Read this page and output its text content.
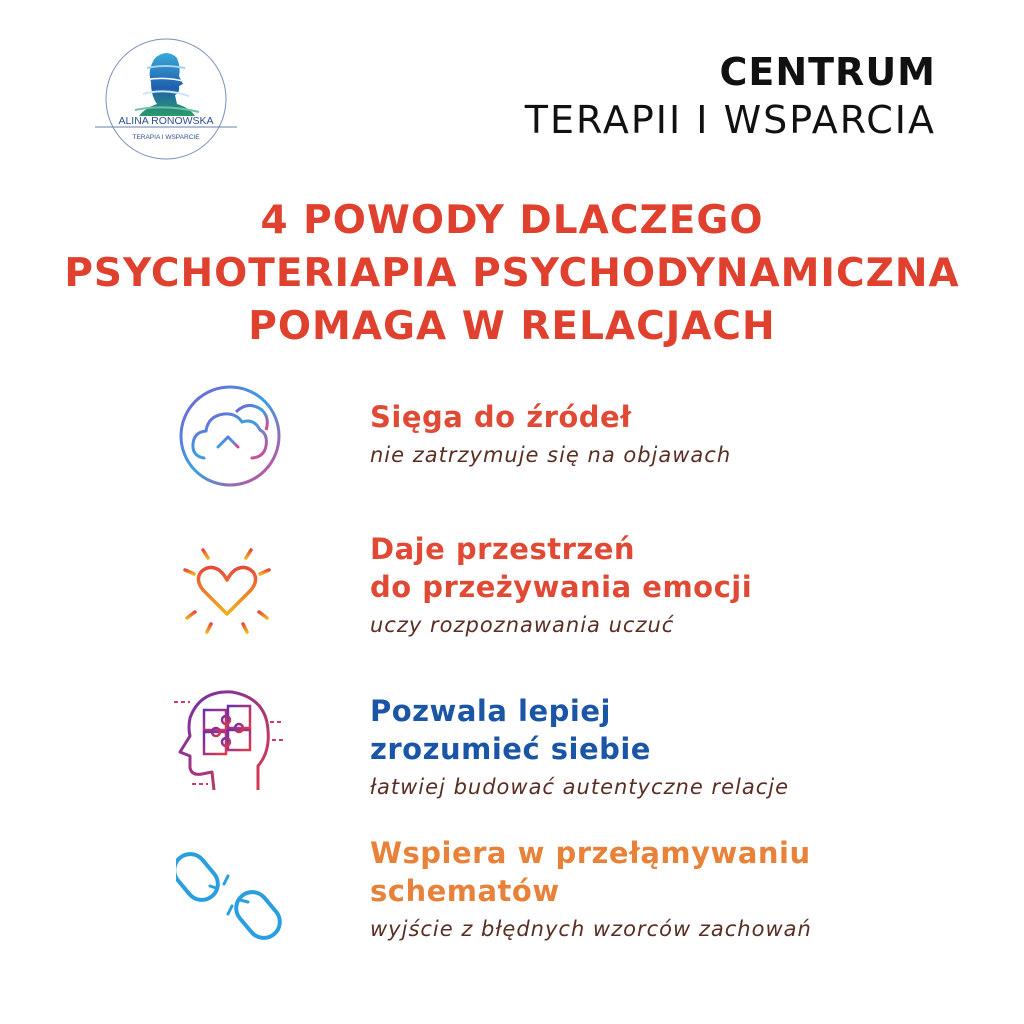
ALINA RONOWSKA
TERAPIA I WSPARCIE
CENTRUM
TERAPII I WSPARCIA
4 POWODY DLACZEGO
PSYCHOTERIAPIA PSYCHODYNAMICZNA
POMAGA W RELACJACH
Sięga do źródeł
nie zatrzymuje się na objawach
Daje przestrzeń
do przeżywania emocji
uczy rozpoznawania uczuć
Pozwala lepiej
zrozumieć siebie
łatwiej budować autentyczne relacje
Wspiera w przełąmywaniu
schematów
wyjście z błędnych wzorców zachowań
